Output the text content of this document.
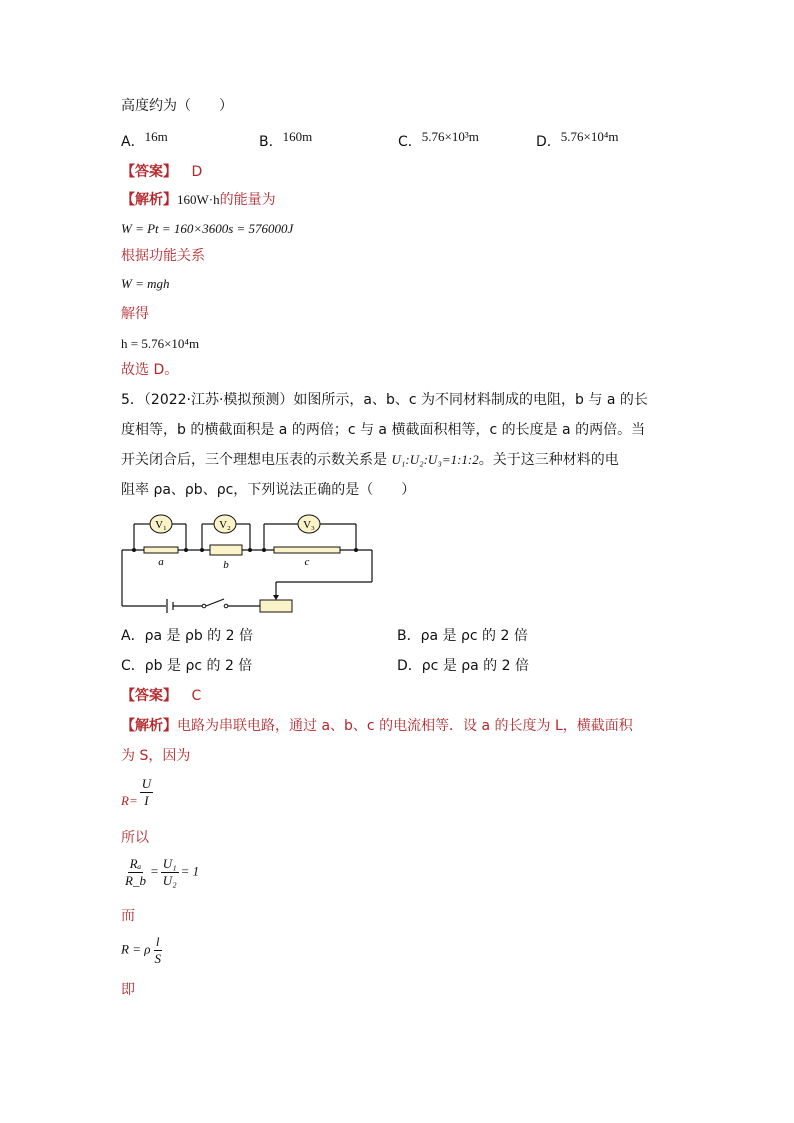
高度约为（　　）
A．16m	B．160m	C．5.76×10³m	D．5.76×10⁴m
【答案】 D
【解析】160W·h的能量为
W = Pt = 160×3600s = 576000J
根据功能关系
W = mgh
解得
h = 5.76×10⁴m
故选 D。
5．（2022·江苏·模拟预测）如图所示，a、b、c 为不同材料制成的电阻，b 与 a 的长
度相等，b 的横截面积是 a 的两倍；c 与 a 横截面积相等，c 的长度是 a 的两倍。当
开关闭合后，三个理想电压表的示数关系是 U₁:U₂:U₃=1:1:2。关于这三种材料的电
阻率 ρa、ρb、ρc，下列说法正确的是（　　）
V₁	V₂	V₃
a	b	c
A．ρa 是 ρb 的 2 倍	B．ρa 是 ρc 的 2 倍
C．ρb 是 ρc 的 2 倍	D．ρc 是 ρa 的 2 倍
【答案】 C
【解析】电路为串联电路，通过 a、b、c 的电流相等．设 a 的长度为 L，横截面积
为 S，因为
$R= \frac{U}{I}$
所以
$\frac{\text{Rₐ}}{R\_b} = \frac{\text{U₁}}{\text{U₂}} = 1$
而
R = ρ $\frac{l}{S}$
即
